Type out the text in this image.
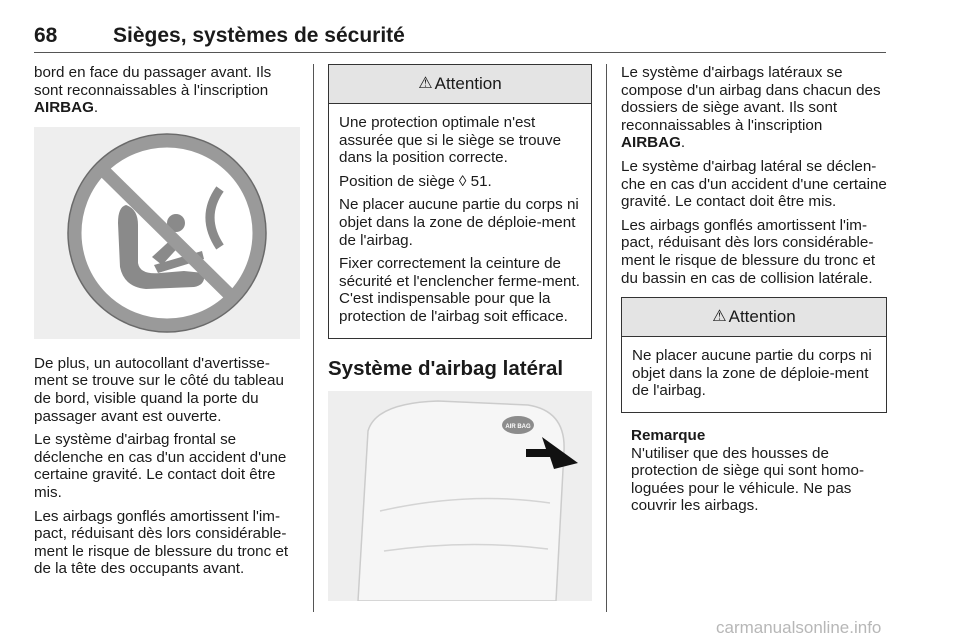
68	Sièges, systèmes de sécurité

bord en face du passager avant. Ils sont reconnaissables à l'inscription AIRBAG.

De plus, un autocollant d'avertisse-ment se trouve sur le côté du tableau de bord, visible quand la porte du passager avant est ouverte.

Le système d'airbag frontal se déclenche en cas d'un accident d'une certaine gravité. Le contact doit être mis.

Les airbags gonflés amortissent l'im-pact, réduisant dès lors considérable-ment le risque de blessure du tronc et de la tête des occupants avant.

⚠ Attention

Une protection optimale n'est assurée que si le siège se trouve dans la position correcte.

Position de siège ◊ 51.

Ne placer aucune partie du corps ni objet dans la zone de déploie-ment de l'airbag.

Fixer correctement la ceinture de sécurité et l'enclencher ferme-ment. C'est indispensable pour que la protection de l'airbag soit efficace.

Système d'airbag latéral
AIR BAG

Le système d'airbags latéraux se compose d'un airbag dans chacun des dossiers de siège avant. Ils sont reconnaissables à l'inscription AIRBAG.

Le système d'airbag latéral se déclen-che en cas d'un accident d'une certaine gravité. Le contact doit être mis.

Les airbags gonflés amortissent l'im-pact, réduisant dès lors considérable-ment le risque de blessure du tronc et du bassin en cas de collision latérale.

⚠ Attention

Ne placer aucune partie du corps ni objet dans la zone de déploie-ment de l'airbag.

Remarque
N'utiliser que des housses de protection de siège qui sont homo-loguées pour le véhicule. Ne pas couvrir les airbags.
carmanualsonline.info
